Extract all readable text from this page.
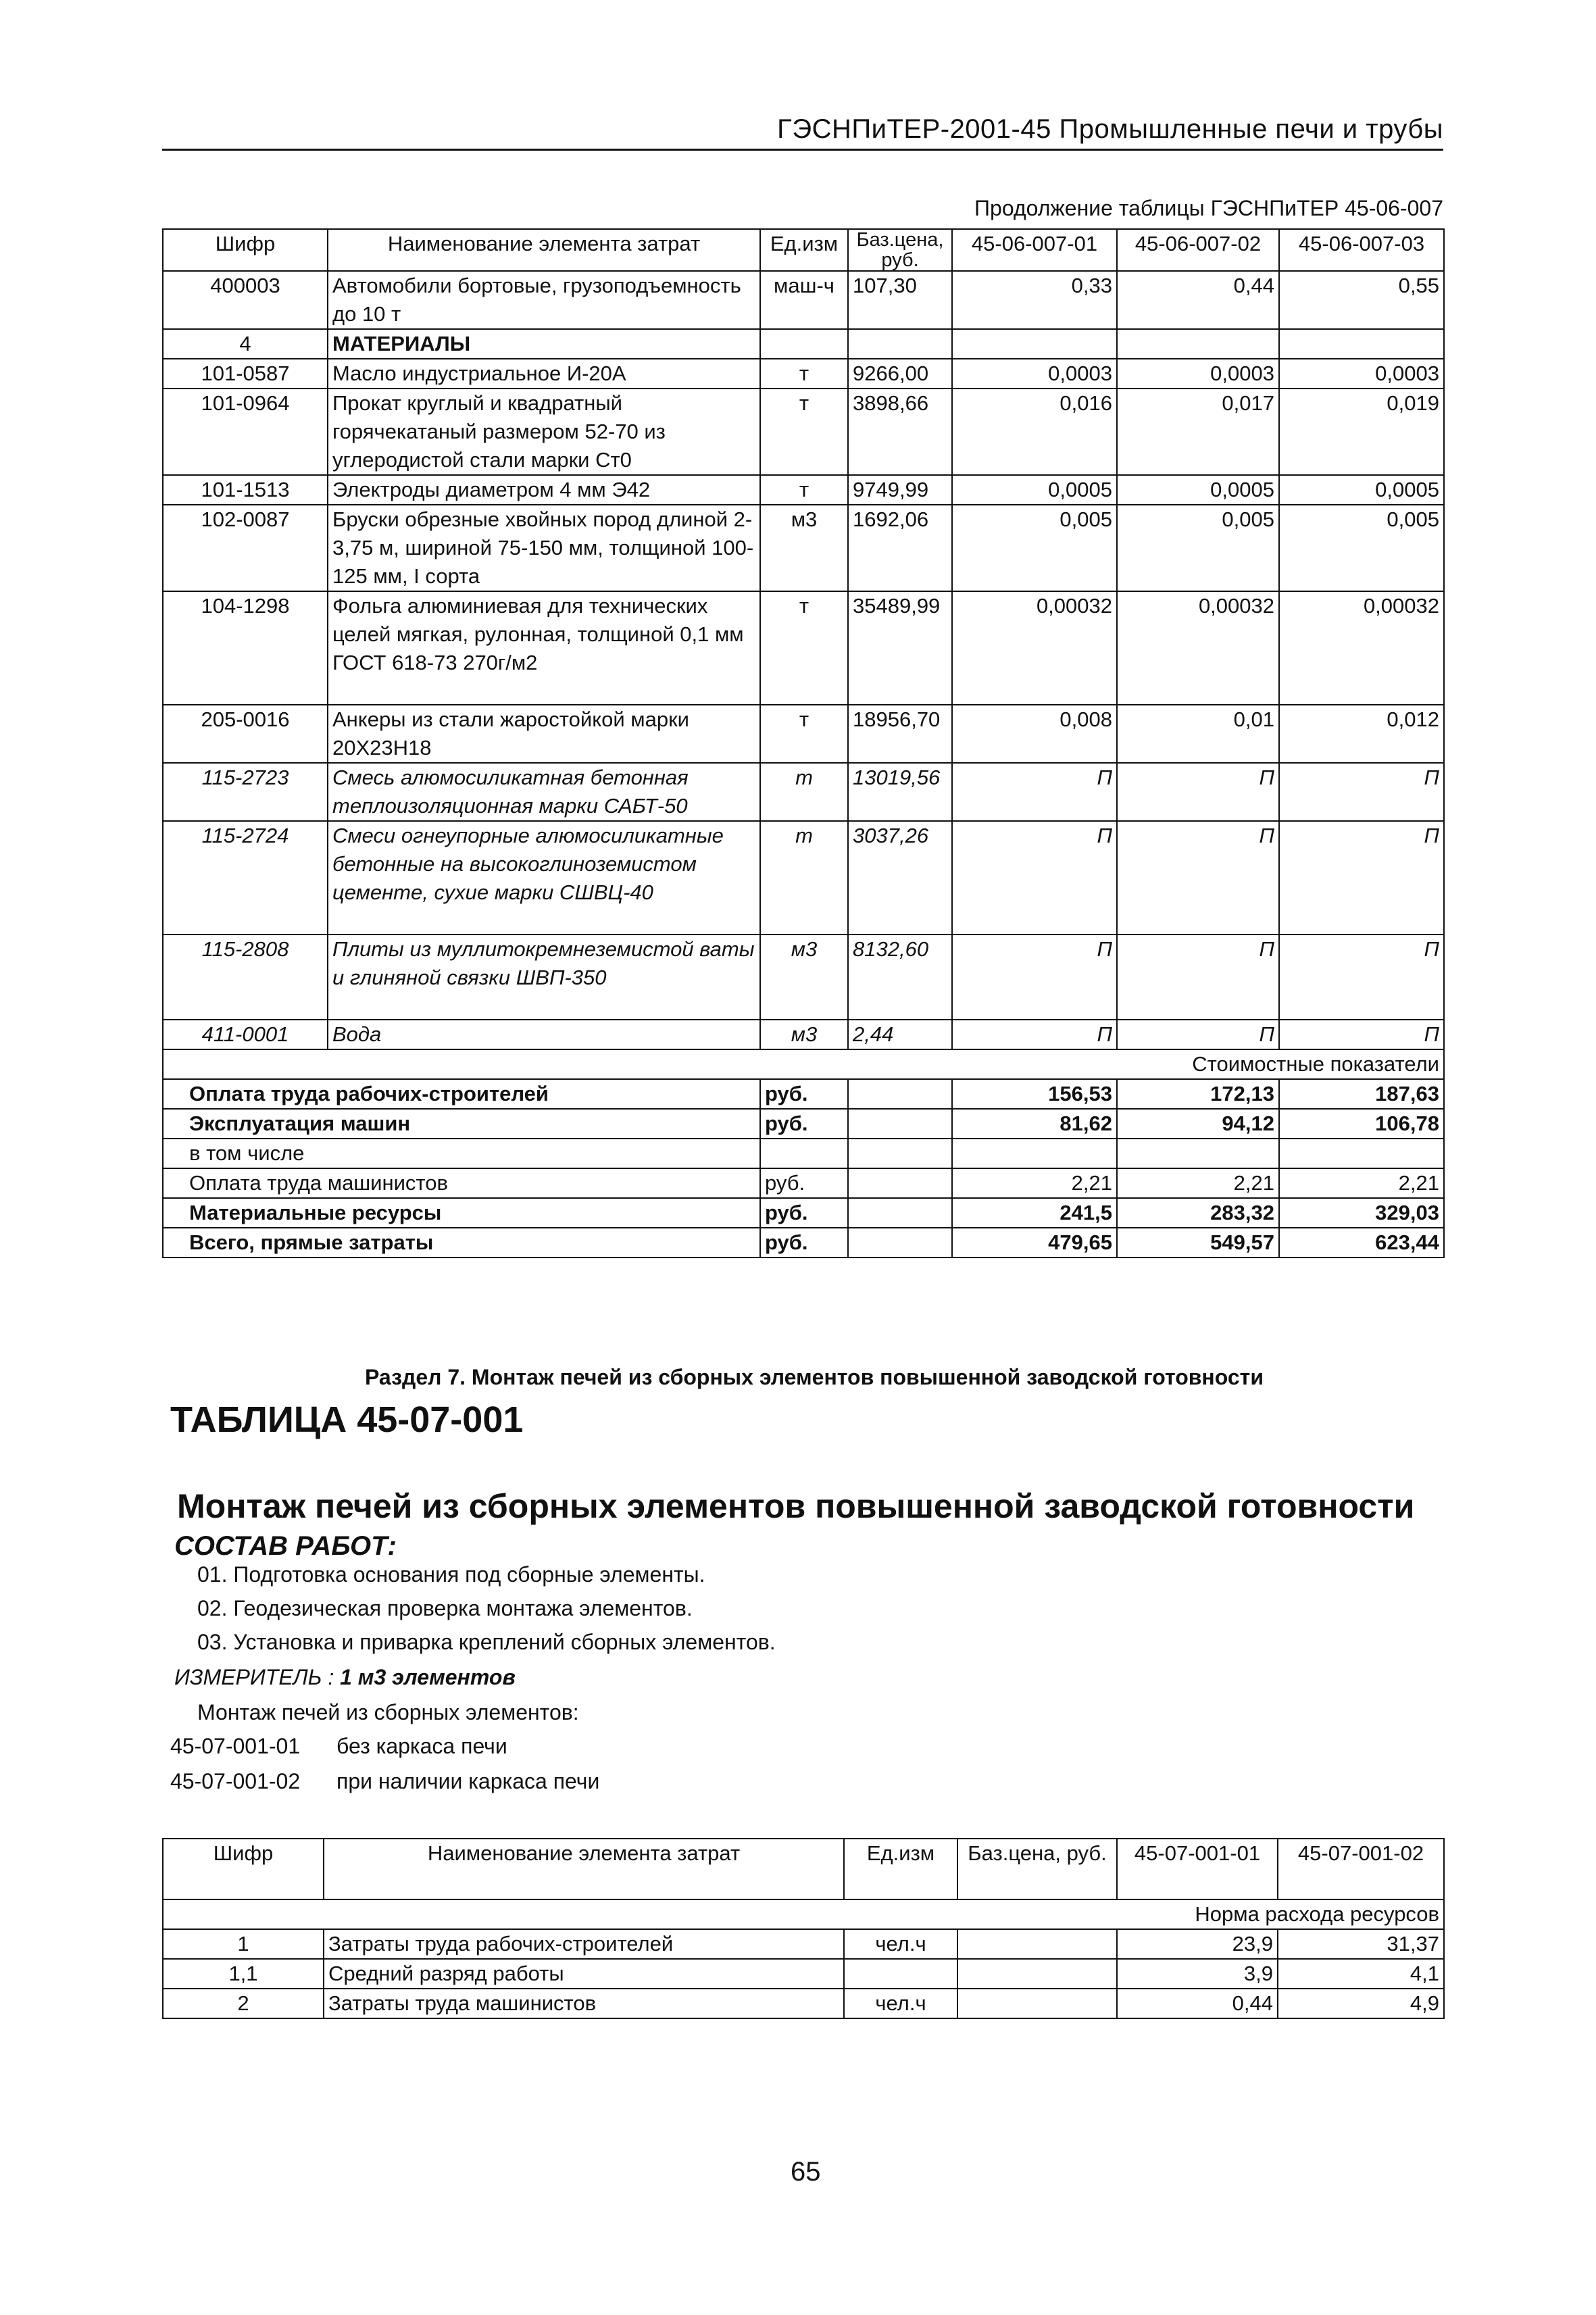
ГЭСНПиТЕР-2001-45 Промышленные печи и трубы
Продолжение таблицы ГЭСНПиТЕР 45-06-007
Шифр	Наименование элемента затрат	Ед.изм	Баз.цена, руб.	45-06-007-01	45-06-007-02	45-06-007-03
400003	Автомобили бортовые, грузоподъемность до 10 т	маш-ч	107,30	0,33	0,44	0,55
4	МАТЕРИАЛЫ					
101-0587	Масло индустриальное И-20А	т	9266,00	0,0003	0,0003	0,0003
101-0964	Прокат круглый и квадратный горячекатаный размером 52-70 из углеродистой стали марки Ст0	т	3898,66	0,016	0,017	0,019
101-1513	Электроды диаметром 4 мм Э42	т	9749,99	0,0005	0,0005	0,0005
102-0087	Бруски обрезные хвойных пород длиной 2-3,75 м, шириной 75-150 мм, толщиной 100-125 мм, I сорта	м3	1692,06	0,005	0,005	0,005
104-1298	Фольга алюминиевая для технических целей мягкая, рулонная, толщиной 0,1 мм ГОСТ 618-73 270г/м2	т	35489,99	0,00032	0,00032	0,00032
205-0016	Анкеры из стали жаростойкой марки 20Х23Н18	т	18956,70	0,008	0,01	0,012
115-2723	Смесь алюмосиликатная бетонная теплоизоляционная марки САБТ-50	т	13019,56	П	П	П
115-2724	Смеси огнеупорные алюмосиликатные бетонные на высокоглиноземистом цементе, сухие марки СШВЦ-40	т	3037,26	П	П	П
115-2808	Плиты из муллитокремнеземистой ваты и глиняной связки ШВП-350	м3	8132,60	П	П	П
411-0001	Вода	м3	2,44	П	П	П
Стоимостные показатели						
Оплата труда рабочих-строителей		руб.		156,53	172,13	187,63
Эксплуатация машин		руб.		81,62	94,12	106,78
в том числе						
Оплата труда машинистов		руб.		2,21	2,21	2,21
Материальные ресурсы		руб.		241,5	283,32	329,03
Всего, прямые затраты		руб.		479,65	549,57	623,44
Раздел 7. Монтаж печей из сборных элементов повышенной заводской готовности
ТАБЛИЦА 45-07-001
Монтаж печей из сборных элементов повышенной заводской готовности
СОСТАВ РАБОТ:
01. Подготовка основания под сборные элементы.
02. Геодезическая проверка монтажа элементов.
03. Установка и приварка креплений сборных элементов.
ИЗМЕРИТЕЛЬ : 1 м3 элементов
Монтаж печей из сборных элементов:
45-07-001-01 без каркаса печи
45-07-001-02 при наличии каркаса печи
Шифр	Наименование элемента затрат	Ед.изм	Баз.цена, руб.	45-07-001-01	45-07-001-02
Норма расхода ресурсов					
1	Затраты труда рабочих-строителей	чел.ч		23,9	31,37
1,1	Средний разряд работы			3,9	4,1
2	Затраты труда машинистов	чел.ч		0,44	4,9
65
